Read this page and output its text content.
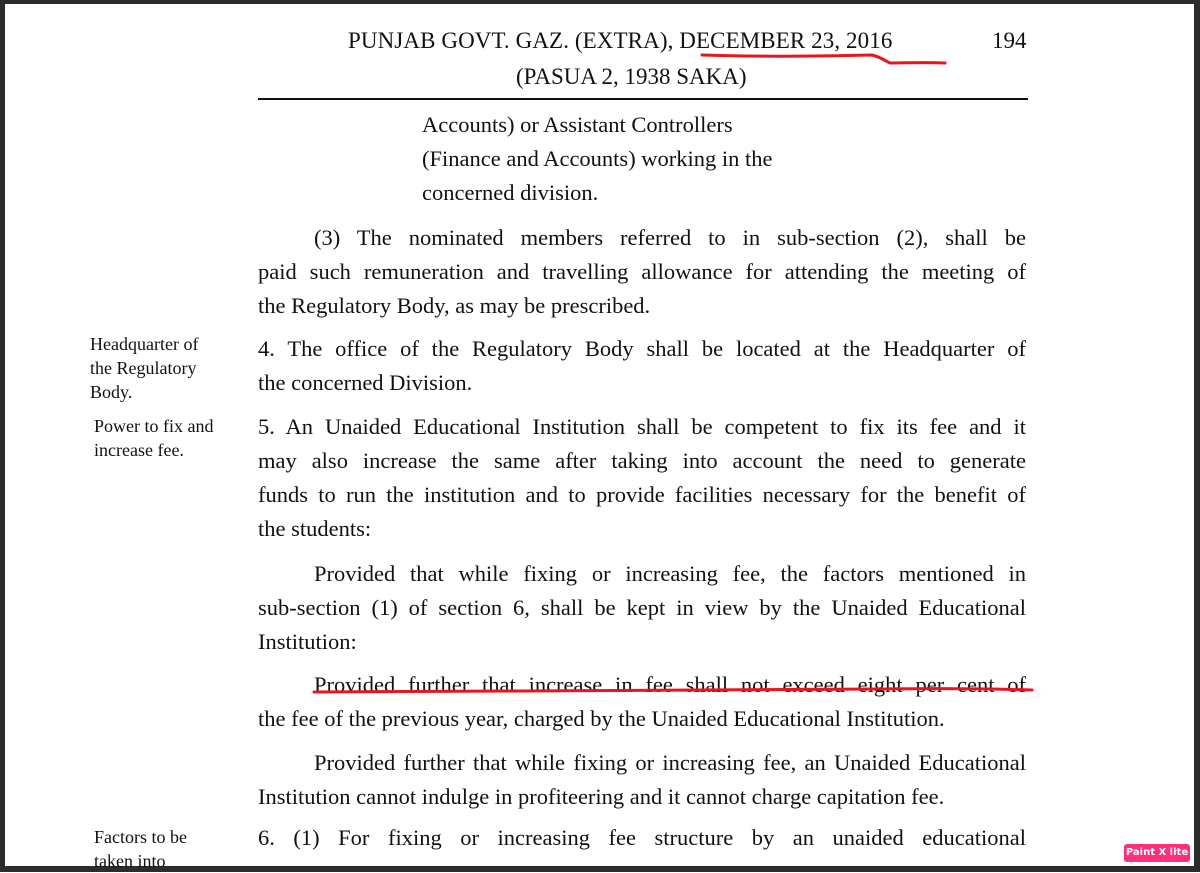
PUNJAB GOVT. GAZ. (EXTRA), DECEMBER 23, 2016	194
(PASUA 2, 1938 SAKA)
Accounts) or Assistant Controllers
(Finance and Accounts) working in the
concerned division.
(3) The nominated members referred to in sub-section (2), shall be
paid such remuneration and travelling allowance for attending the meeting of
the Regulatory Body, as may be prescribed.
Headquarter of
the Regulatory
Body.
4. The office of the Regulatory Body shall be located at the Headquarter of
the concerned Division.
Power to fix and
increase fee.
5. An Unaided Educational Institution shall be competent to fix its fee and it
may also increase the same after taking into account the need to generate
funds to run the institution and to provide facilities necessary for the benefit of
the students:
Provided that while fixing or increasing fee, the factors mentioned in
sub-section (1) of section 6, shall be kept in view by the Unaided Educational
Institution:
Provided further that increase in fee shall not exceed eight per cent of
the fee of the previous year, charged by the Unaided Educational Institution.
Provided further that while fixing or increasing fee, an Unaided Educational
Institution cannot indulge in profiteering and it cannot charge capitation fee.
Factors to be
taken into
6. (1) For fixing or increasing fee structure by an unaided educational
Paint X lite
